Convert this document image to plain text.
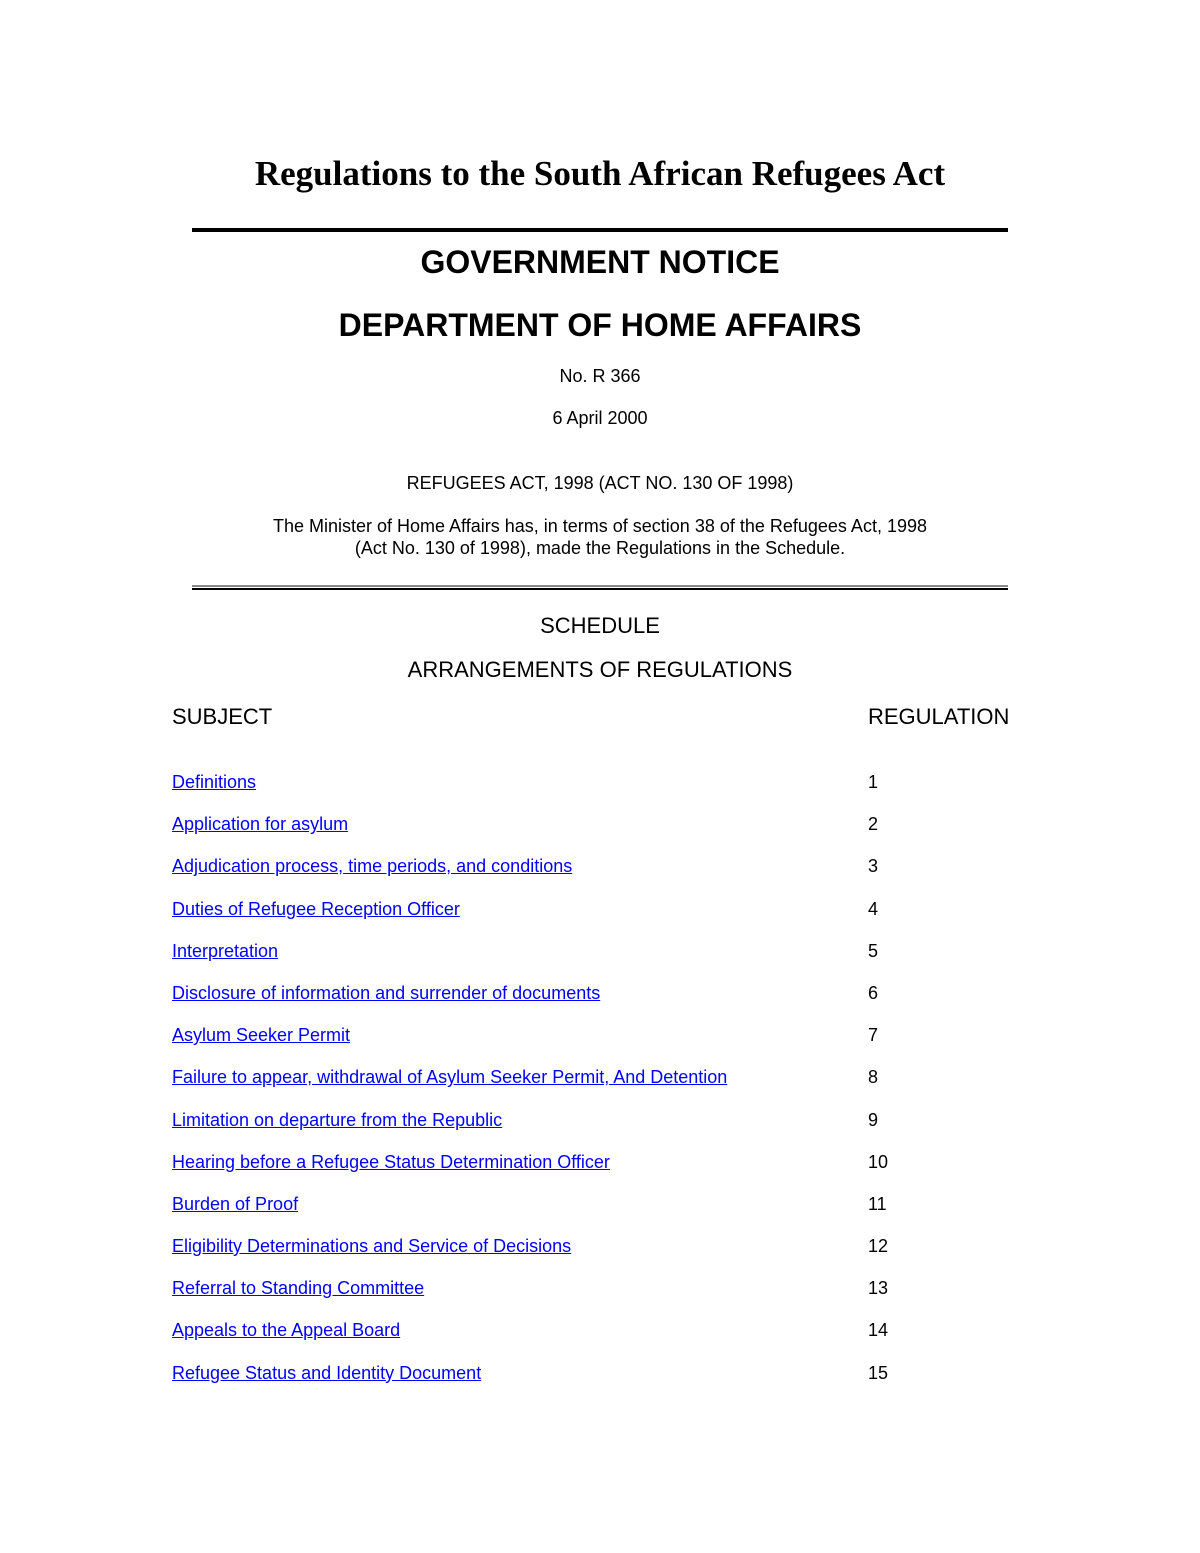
Regulations to the South African Refugees Act
GOVERNMENT NOTICE
DEPARTMENT OF HOME AFFAIRS

No. R 366

6 April 2000

REFUGEES ACT, 1998 (ACT NO. 130 OF 1998)

The Minister of Home Affairs has, in terms of section 38 of the Refugees Act, 1998

(Act No. 130 of 1998), made the Regulations in the Schedule.

SCHEDULE

ARRANGEMENTS OF REGULATIONS

SUBJECT	REGULATION
Definitions	1
Application for asylum	2
Adjudication process, time periods, and conditions	3
Duties of Refugee Reception Officer	4
Interpretation	5
Disclosure of information and surrender of documents	6
Asylum Seeker Permit	7
Failure to appear, withdrawal of Asylum Seeker Permit, And Detention	8
Limitation on departure from the Republic	9
Hearing before a Refugee Status Determination Officer	10
Burden of Proof	11
Eligibility Determinations and Service of Decisions	12
Referral to Standing Committee	13
Appeals to the Appeal Board	14
Refugee Status and Identity Document	15
